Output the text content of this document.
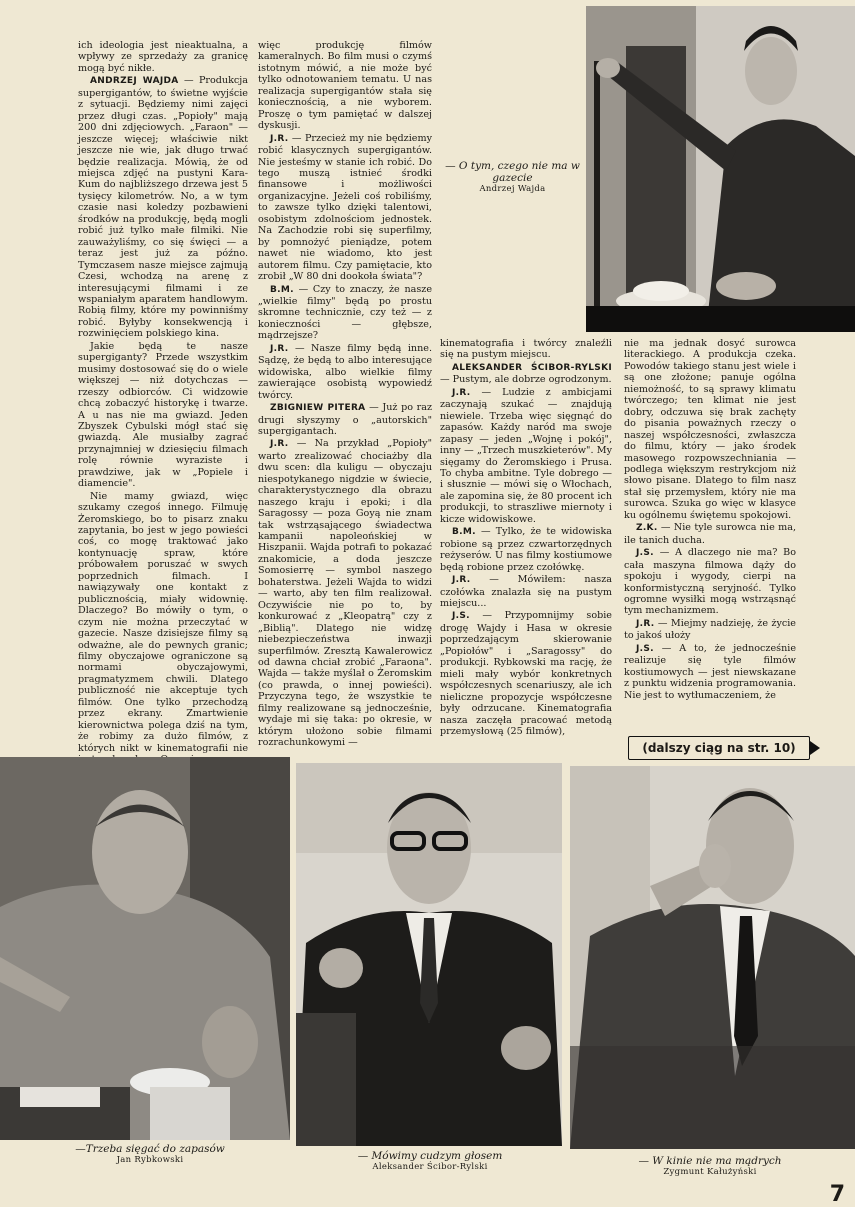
ich ideologia jest nieaktualna, a wpływy ze sprzedaży za granicę mogą być nikłe.

ANDRZEJ WAJDA — Produkcja supergigantów, to świetne wyjście z sytuacji. Będziemy nimi zajęci przez długi czas. „Popioły" mają 200 dni zdjęciowych. „Faraon" — jeszcze więcej; właściwie nikt jeszcze nie wie, jak długo trwać będzie realizacja. Mówią, że od miejsca zdjęć na pustyni Kara-Kum do najbliższego drzewa jest 5 tysięcy kilometrów. No, a w tym czasie nasi koledzy pozbawieni środków na produkcję, będą mogli robić już tylko małe filmiki. Nie zauważyliśmy, co się święci — a teraz jest już za późno. Tymczasem nasze miejsce zajmują Czesi, wchodzą na arenę z interesującymi filmami i ze wspaniałym aparatem handlowym. Robią filmy, które my powinniśmy robić. Byłyby konsekwencją i rozwinięciem polskiego kina.

Jakie będą te nasze supergiganty? Przede wszystkim musimy dostosować się do o wiele większej — niż dotychczas — rzeszy odbiorców. Ci widzowie chcą zobaczyć historykę i twarze. A u nas nie ma gwiazd. Jeden Zbyszek Cybulski mógł stać się gwiazdą. Ale musiałby zagrać przynajmniej w dziesięciu filmach rolę równie wyraziste i prawdziwe, jak w „Popiele i diamencie".

Nie mamy gwiazd, więc szukamy czegoś innego. Filmuję Żeromskiego, bo to pisarz znaku zapytania, bo jest w jego powieści coś, co mogę traktować jako kontynuację spraw, które próbowałem poruszać w swych poprzednich filmach. I nawiązywały one kontakt z publicznością, miały widownię. Dlaczego? Bo mówiły o tym, o czym nie można przeczytać w gazecie. Nasze dzisiejsze filmy są odważne, ale do pewnych granic; filmy obyczajowe ograniczone są normami obyczajowymi, pragmatyzmem chwili. Dlatego publiczność nie akceptuje tych filmów. One tylko przechodzą przez ekrany. Zmartwienie kierownictwa polega dziś na tym, że robimy za dużo filmów, z których nikt w kinematografii nie

więc produkcję filmów kameralnych. Bo film musi o czymś istotnym mówić, a nie może być tylko odnotowaniem tematu. U nas realizacja supergigantów stała się koniecznością, a nie wyborem. Proszę o tym pamiętać w dalszej dyskusji.

J.R. — Przecież my nie będziemy robić klasycznych supergigantów. Nie jesteśmy w stanie ich robić. Do tego muszą istnieć środki finansowe i możliwości organizacyjne. Jeżeli coś robiliśmy, to zawsze tylko dzięki talentowi, osobistym zdolnościom jednostek. Na Zachodzie robi się superfilmy, by pomnożyć pieniądze, potem nawet nie wiadomo, kto jest autorem filmu. Czy pamiętacie, kto zrobił „W 80 dni dookoła świata"?

B.M. — Czy to znaczy, że nasze „wielkie filmy" będą po prostu skromne technicznie, czy też — z konieczności — głębsze, mądrzejsze?

J.R. — Nasze filmy będą inne. Sądzę, że będą to albo interesujące widowiska, albo wielkie filmy zawierające osobistą wypowiedź twórcy.

ZBIGNIEW PITERA — Już po raz drugi słyszymy o „autorskich" supergigantach.

J.R. — Na przykład „Popioły" warto zrealizować chociażby dla dwu scen: dla kuligu — obyczaju niespotykanego nigdzie w świecie, charakterystycznego dla obrazu naszego kraju i epoki; i dla Saragossy — poza Goyą nie znam tak wstrząsającego świadectwa kampanii napoleońskiej w Hiszpanii. Wajda potrafi to pokazać znakomicie, a doda jeszcze Somosierrę — symbol naszego bohaterstwa. Jeżeli Wajda to widzi — warto, aby ten film realizował. Oczywiście nie po to, by konkurować z „Kleopatrą" czy z „Biblią". Dlatego nie widzę niebezpieczeństwa inwazji superfilmów. Zresztą Kawalerowicz od dawna chciał zrobić „Faraona". Wajda — także myślał o Żeromskim (co prawda, o innej powieści). Przyczyna tego, że wszystkie te filmy realizowane są jednocześnie, wydaje mi się taka: po okresie, w którym ułożono sobie filmami rozrachunkowymi —

— O tym, czego nie ma w gazecie
Andrzej Wajda

kinematografia i twórcy znaleźli się na pustym miejscu.

ALEKSANDER ŚCIBOR-RYLSKI — Pustym, ale dobrze ogrodzonym.

J.R. — Ludzie z ambicjami zaczynają szukać — znajdują niewiele. Trzeba więc sięgnąć do zapasów. Każdy naród ma swoje zapasy — jeden „Wojnę i pokój", inny — „Trzech muszkieterów". My sięgamy do Żeromskiego i Prusa. To chyba ambitne. Tyle dobrego — i słusznie — mówi się o Włochach, ale zapomina się, że 80 procent ich produkcji, to straszliwe miernoty i kicze widowiskowe.

B.M. — Tylko, że te widowiska robione są przez czwartorzędnych reżyserów. U nas filmy kostiumowe będą robione przez czołówkę.

J.R. — Mówiłem: nasza czołówka znalazła się na pustym miejscu...

J.S. — Przypomnijmy sobie drogę Wajdy i Hasa w okresie poprzedzającym skierowanie „Popiołów" i „Saragossy" do produkcji. Rybkowski ma rację, że mieli mały wybór konkretnych współczesnych scenariuszy, ale ich nieliczne propozycje współczesne były odrzucane. Kinematografia nasza zaczęła pracować metodą przemysłową (25 filmów),

nie ma jednak dosyć surowca literackiego. A produkcja czeka. Powodów takiego stanu jest wiele i są one złożone; panuje ogólna niemożność, to są sprawy klimatu twórczego; ten klimat nie jest dobry, odczuwa się brak zachęty do pisania poważnych rzeczy o naszej współczesności, zwłaszcza do filmu, który — jako środek masowego rozpowszechniania — podlega większym restrykcjom niż słowo pisane. Dlatego to film nasz stał się przemysłem, który nie ma surowca. Szuka go więc w klasyce ku ogólnemu świętemu spokojowi.

Z.K. — Nie tyle surowca nie ma, ile tanich ducha.

J.S. — A dlaczego nie ma? Bo cała maszyna filmowa dąży do spokoju i wygody, cierpi na konformistyczną seryjność. Tylko ogromne wysiłki mogą wstrząsnąć tym mechanizmem.

J.R. — Miejmy nadzieję, że życie to jakoś ułoży

J.S. — A to, że jednocześnie realizuje się tyle filmów kostiumowych — jest niewskazane z punktu widzenia programowania. Nie jest to wytłumaczeniem, że

(dalszy ciąg na str. 10)
—Trzeba sięgać do zapasów
Jan Rybkowski	— Mówimy cudzym głosem
Aleksander Ścibor-Rylski	— W kinie nie ma mądrych
Zygmunt Kałużyński
7
